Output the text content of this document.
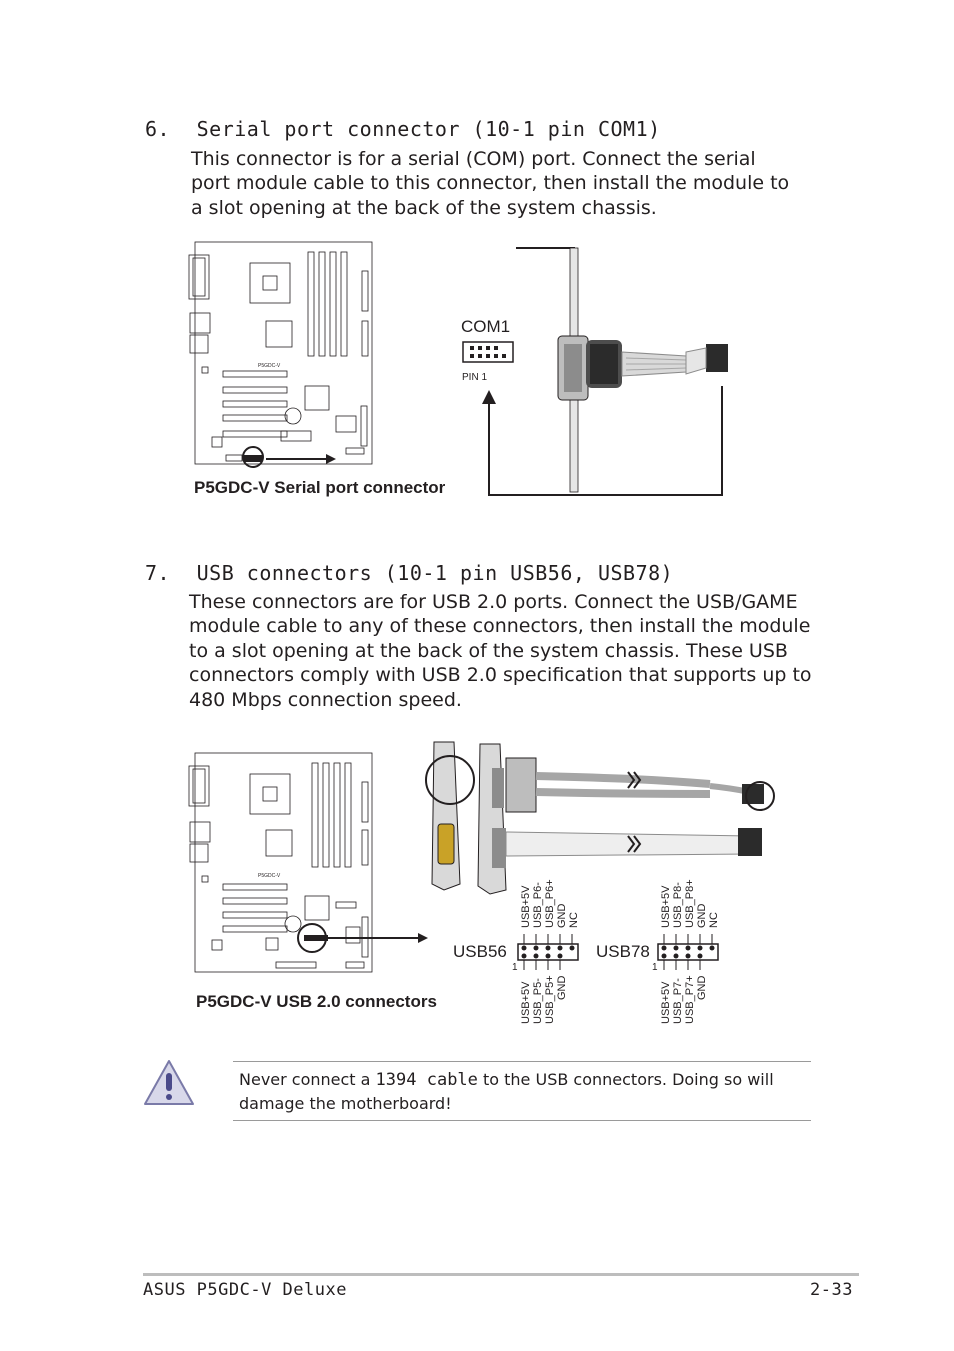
6. Serial port connector (10-1 pin COM1)
This connector is for a serial (COM) port. Connect the serial port module cable to this connector, then install the module to a slot opening at the back of the system chassis.
P5GDC-V
COM1
PIN 1
P5GDC-V Serial port connector
7. USB connectors (10-1 pin USB56, USB78)
These connectors are for USB 2.0 ports. Connect the USB/GAME module cable to any of these connectors, then install the module to a slot opening at the back of the system chassis. These USB connectors comply with USB 2.0 specification that supports up to 480 Mbps connection speed.
P5GDC-V
USB56
1
USB+5V USB_P6- USB_P6+ GND NC
USB+5V USB_P5- USB_P5+ GND
USB78
1
USB+5V USB_P8- USB_P8+ GND NC
USB+5V USB_P7- USB_P7+ GND
P5GDC-V USB 2.0 connectors
Never connect a 1394 cable to the USB connectors. Doing so will damage the motherboard!
ASUS P5GDC-V Deluxe	2-33
